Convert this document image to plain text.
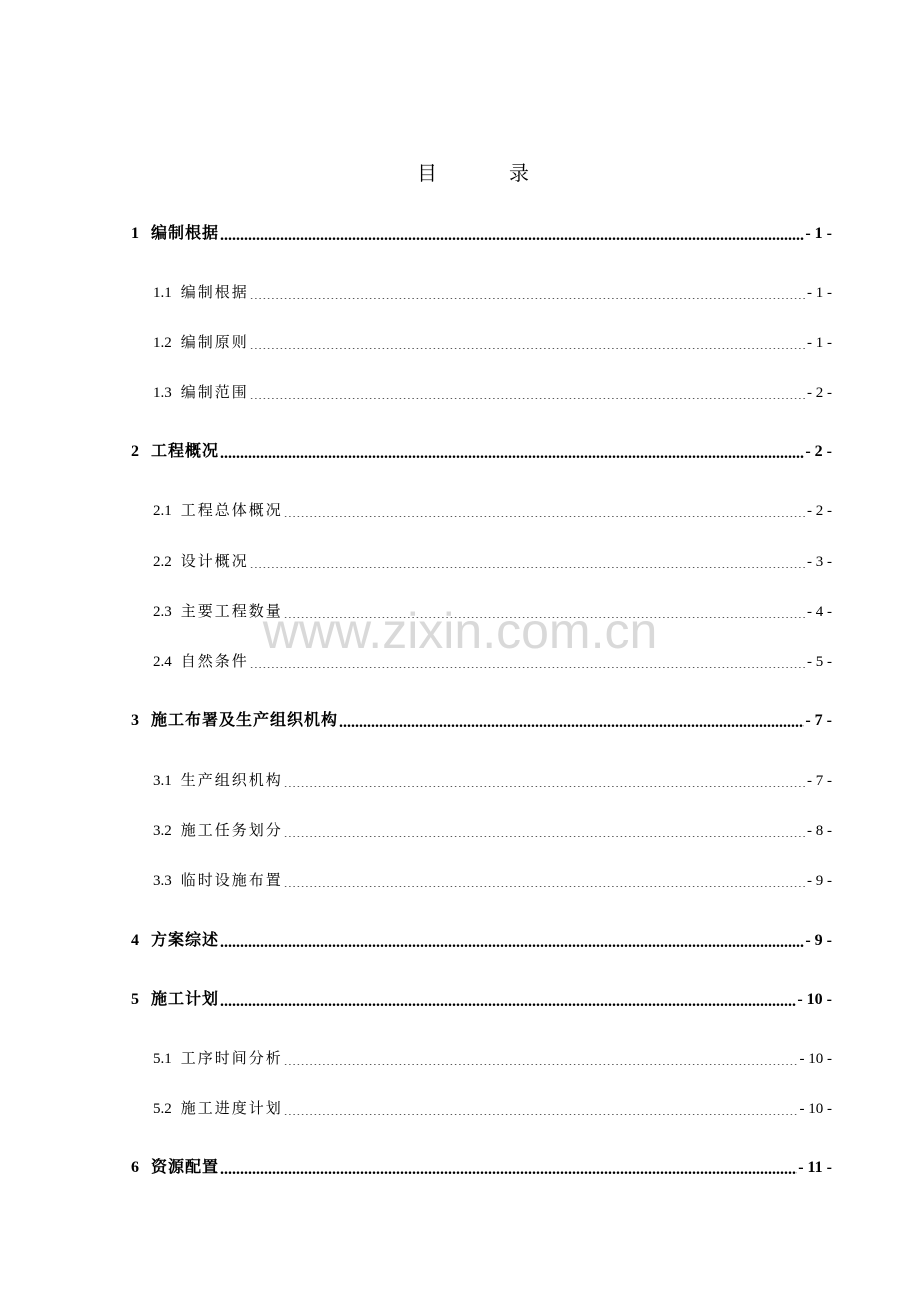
目　录
1 编制根据 .....	- 1 -
1.1 编制根据 .....	- 1 -
1.2 编制原则 .....	- 1 -
1.3 编制范围 .....	- 2 -
2 工程概况 .....	- 2 -
2.1 工程总体概况 .....	- 2 -
2.2 设计概况 .....	- 3 -
2.3 主要工程数量 .....	- 4 -
2.4 自然条件 .....	- 5 -
3 施工布署及生产组织机构 .....	- 7 -
3.1 生产组织机构 .....	- 7 -
3.2 施工任务划分 .....	- 8 -
3.3 临时设施布置 .....	- 9 -
4 方案综述 .....	- 9 -
5 施工计划 .....	- 10 -
5.1 工序时间分析 .....	- 10 -
5.2 施工进度计划 .....	- 10 -
6 资源配置 .....	- 11 -
www.zixin.com.cn
